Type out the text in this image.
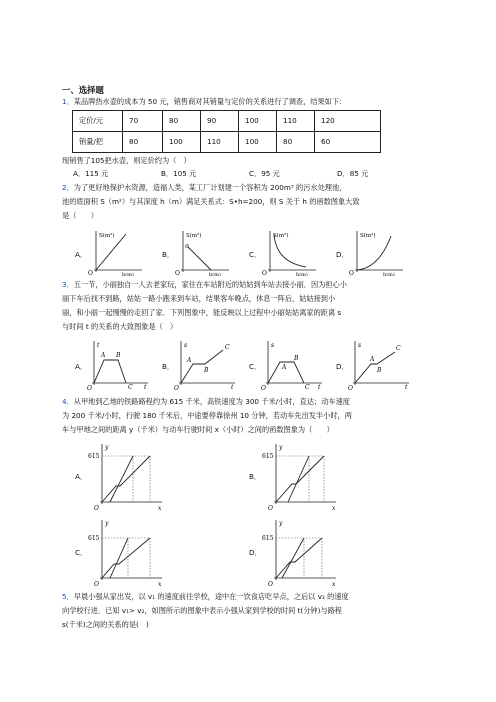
一、选择题
1．某品牌热水壶的成本为 50 元，销售商对其销量与定价的关系进行了调查，结果如下：
定价/元	70	80	90	100	110	120
销量/把	80	100	110	100	80	60
现销售了105把水壶，则定价约为（　）
A．115 元	B．105 元	C．95 元	D．85 元
2．为了更好地保护水资源，造福人类，某工厂计划建一个容积为 200m³ 的污水处理池，
池的底面积 S（m²）与其深度 h（m）满足关系式：S•h=200，则 S 关于 h 的函数图象大致
是（　　）
A．	B．	C．	D．
S(m²)
h(m)
O
S(m²)
h(m)
O
S(m²)
h(m)
O
S(m²)
h(m)
O
3．五一节，小丽独自一人去老家玩，家住在车站附近的姑姑到车站去接小丽．因为担心小
丽下车后找不到路，姑姑一路小跑来到车站，结果客车晚点，休息一阵后，姑姑接到小
丽，和小丽一起慢慢的走回了家．下列图象中，能反映以上过程中小丽姑姑离家的距离 s
与时间 t 的关系的大致图象是（　）
A．	B．	C．	D．
t
t
O
A B
C
s
t
O
A
B
C	s
t
O
A
B
C
s
t
O
A
B
C
4．从甲地到乙地的铁路路程约为 615 千米，高铁速度为 300 千米/小时，直达；动车速度
为 200 千米/小时，行驶 180 千米后，中途要停靠徐州 10 分钟，若动车先出发半小时，两
车与甲地之间的距离 y（千米）与动车行驶时间 x（小时）之间的函数图象为（　　）
A．	B．
C．	D．
y
x
O
615
y
x
O
615
y
x
O
615
y
x
O
615
5．早晨小强从家出发，以 v₁ 的速度前往学校，途中在一饮食店吃早点，之后以 v₂ 的速度
向学校行进．已知 v₁> v₂，如图所示的图象中表示小强从家到学校的时间 t(分钟)与路程
s(千米)之间的关系的是(　)
